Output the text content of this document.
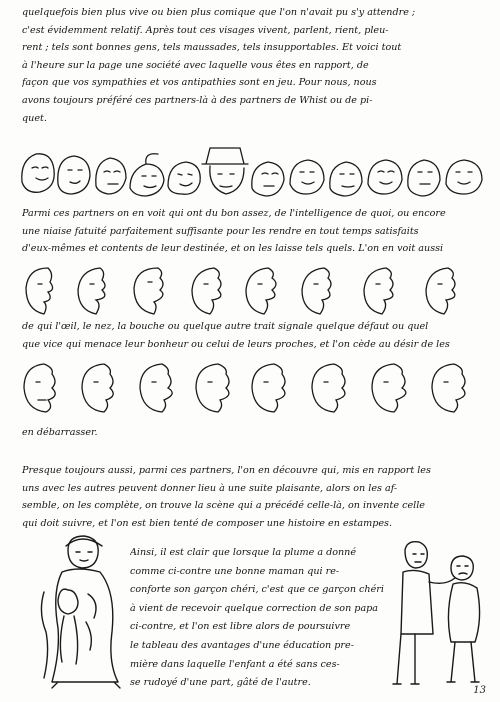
quelquefois bien plus vive ou bien plus comique que l'on n'avait pu s'y attendre ;
c'est évidemment relatif. Après tout ces visages vivent, parlent, rient, pleu-
rent ; tels sont bonnes gens, tels maussades, tels insupportables. Et voici tout
à l'heure sur la page une société avec laquelle vous êtes en rapport, de
façon que vos sympathies et vos antipathies sont en jeu. Pour nous, nous
avons toujours préféré ces partners-là à des partners de Whist ou de pi-
quet.
Parmi ces partners on en voit qui ont du bon assez, de l'intelligence de quoi, ou encore
une niaise fatuité parfaitement suffisante pour les rendre en tout temps satisfaits
d'eux-mêmes et contents de leur destinée, et on les laisse tels quels. L'on en voit aussi
de qui l'œil, le nez, la bouche ou quelque autre trait signale quelque défaut ou quel
que vice qui menace leur bonheur ou celui de leurs proches, et l'on cède au désir de les
en débarrasser.
Presque toujours aussi, parmi ces partners, l'on en découvre qui, mis en rapport les
uns avec les autres peuvent donner lieu à une suite plaisante, alors on les af-
semble, on les complète, on trouve la scène qui a précédé celle-là, on invente celle
qui doit suivre, et l'on est bien tenté de composer une histoire en estampes.
Ainsi, il est clair que lorsque la plume a donné
comme ci-contre une bonne maman qui re-
conforte son garçon chéri, c'est que ce garçon chéri
à vient de recevoir quelque correction de son papa
ci-contre, et l'on est libre alors de poursuivre
le tableau des avantages d'une éducation pre-
mière dans laquelle l'enfant a été sans ces-
se rudoyé d'une part, gâté de l'autre.
13
